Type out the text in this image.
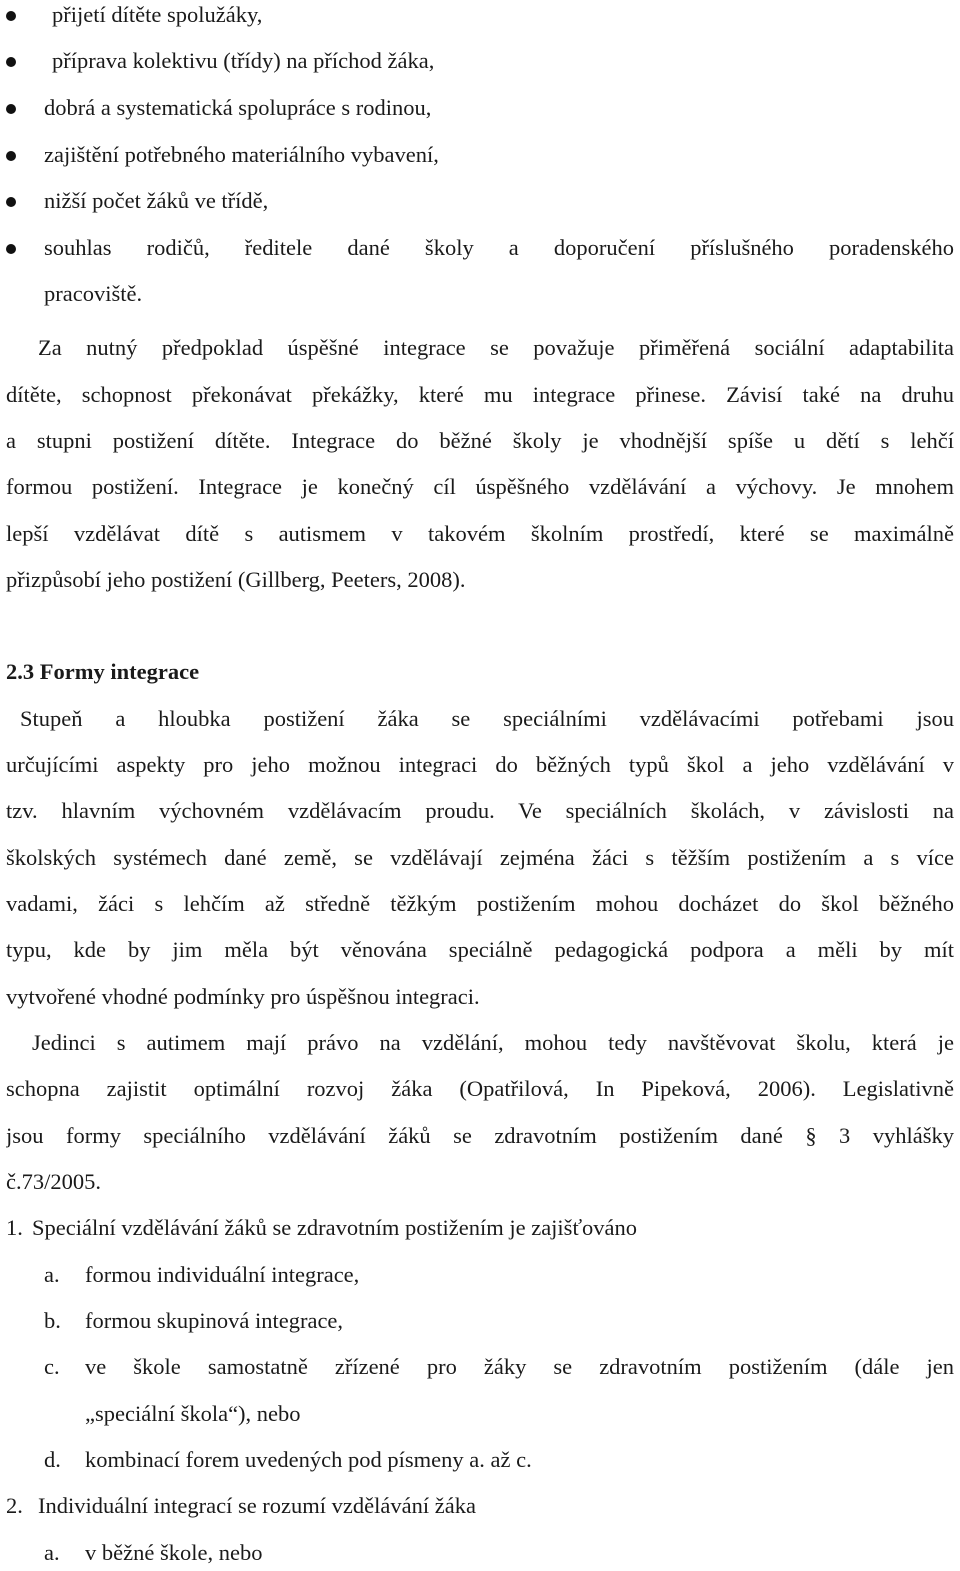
přijetí dítěte spolužáky,
příprava kolektivu (třídy) na příchod žáka,
dobrá a systematická spolupráce s rodinou,
zajištění potřebného materiálního vybavení,
nižší počet žáků ve třídě,
souhlas rodičů, ředitele dané školy a doporučení příslušného poradenského
pracoviště.
Za nutný předpoklad úspěšné integrace se považuje přiměřená sociální adaptabilita
dítěte, schopnost překonávat překážky, které mu integrace přinese. Závisí také na druhu
a stupni postižení dítěte. Integrace do běžné školy je vhodnější spíše u dětí s lehčí
formou postižení. Integrace je konečný cíl úspěšného vzdělávání a výchovy. Je mnohem
lepší vzdělávat dítě s autismem v takovém školním prostředí, které se maximálně
přizpůsobí jeho postižení (Gillberg, Peeters, 2008).
2.3 Formy integrace
Stupeň a hloubka postižení žáka se speciálními vzdělávacími potřebami jsou
určujícími aspekty pro jeho možnou integraci do běžných typů škol a jeho vzdělávání v
tzv. hlavním výchovném vzdělávacím proudu. Ve speciálních školách, v závislosti na
školských systémech dané země, se vzdělávají zejména žáci s těžším postižením a s více
vadami, žáci s lehčím až středně těžkým postižením mohou docházet do škol běžného
typu, kde by jim měla být věnována speciálně pedagogická podpora a měli by mít
vytvořené vhodné podmínky pro úspěšnou integraci.
Jedinci s autimem mají právo na vzdělání, mohou tedy navštěvovat školu, která je
schopna zajistit optimální rozvoj žáka (Opatřilová, In Pipeková, 2006). Legislativně
jsou formy speciálního vzdělávání žáků se zdravotním postižením dané § 3 vyhlášky
č.73/2005.
1. Speciální vzdělávání žáků se zdravotním postižením je zajišťováno
a.	formou individuální integrace,
b.	formou skupinová integrace,
c.	ve škole samostatně zřízené pro žáky se zdravotním postižením (dále jen
„speciální škola“), nebo
d.	kombinací forem uvedených pod písmeny a. až c.
2. Individuální integrací se rozumí vzdělávání žáka
a.	v běžné škole, nebo
